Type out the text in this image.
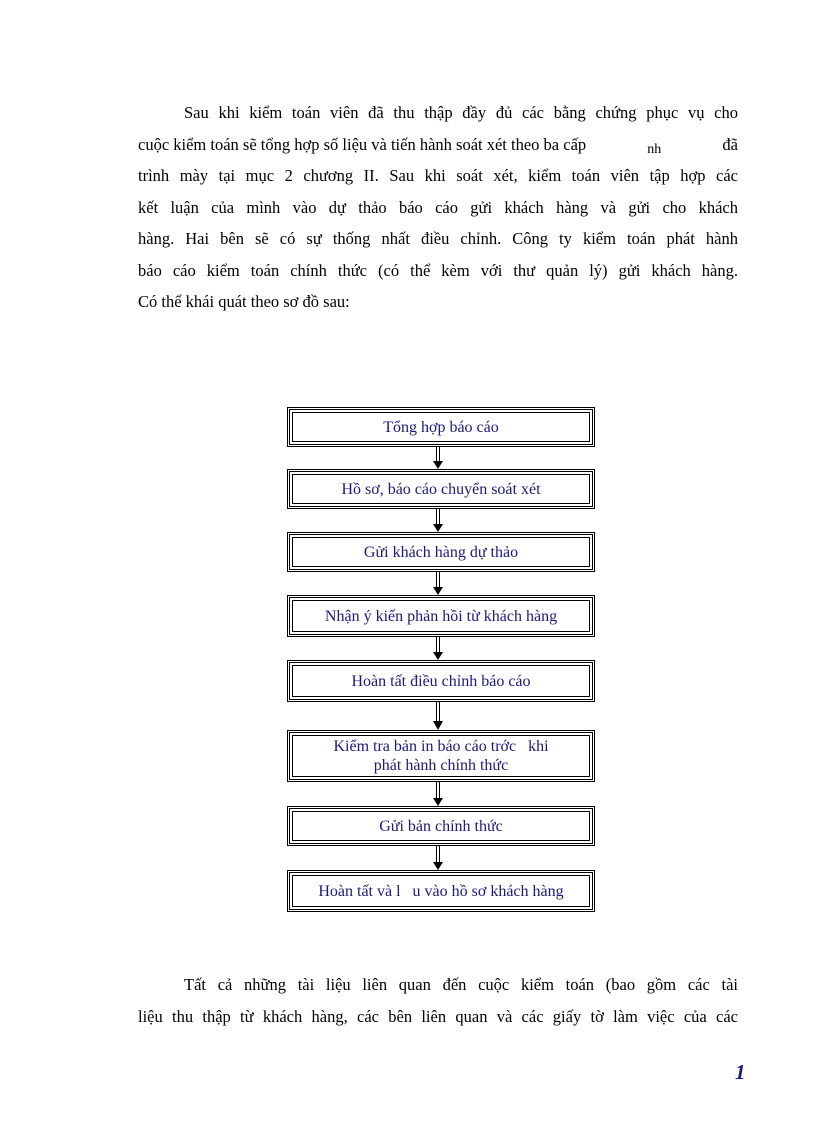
Sau khi kiểm toán viên đã thu thập đầy đủ các bằng chứng phục vụ cho
cuộc kiểm toán sẽ tổng hợp số liệu và tiến hành soát xét theo ba cấp	nh	đã
trình mày tại mục 2 chương II. Sau khi soát xét, kiểm toán viên tập hợp các
kết luận của mình vào dự thảo báo cáo gửi khách hàng và gửi cho khách
hàng. Hai bên sẽ có sự thống nhất điều chỉnh. Công ty kiểm toán phát hành
báo cáo kiểm toán chính thức (có thể kèm với thư quản lý) gửi khách hàng.
Có thể khái quát theo sơ đồ sau:
Tổng hợp báo cáo
Hồ sơ, báo cáo chuyển soát xét
Gửi khách hàng dự thảo
Nhận ý kiến phản hồi từ khách hàng
Hoàn tất điều chỉnh báo cáo
Kiểm tra bản in báo cáo trớc   khi
phát hành chính thức
Gửi bản chính thức
Hoàn tất và l   u vào hồ sơ khách hàng
Tất cả những tài liệu liên quan đến cuộc kiểm toán (bao gồm các tài
liệu thu thập từ khách hàng, các bên liên quan và các giấy tờ làm việc của các
1
